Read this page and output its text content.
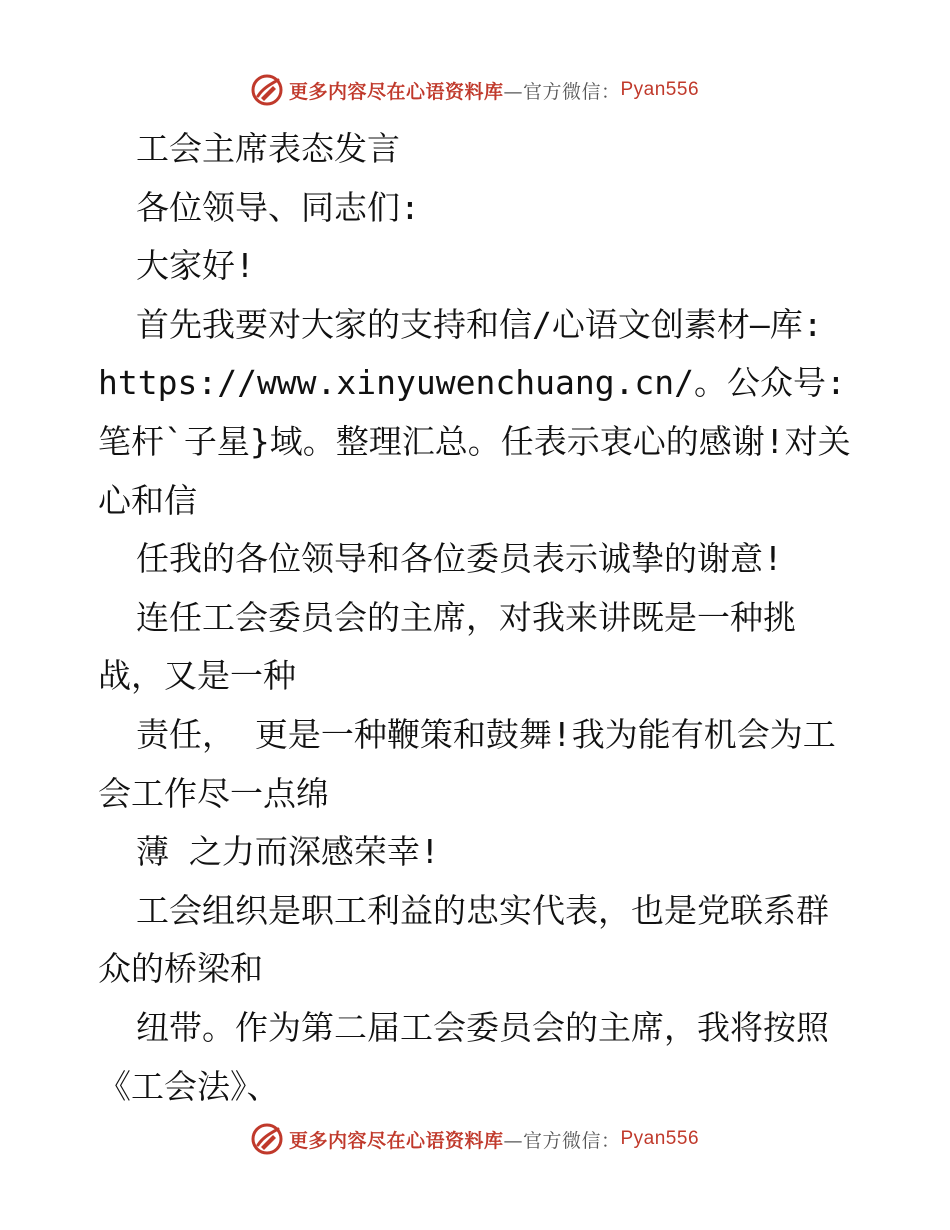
更多内容尽在心语资料库 —官方微信： Pyan556

工会主席表态发言

各位领导、同志们:

大家好!

首先我要对大家的支持和信/心语文创素材—库: https://www.xinyuwenchuang.cn/。公众号: 笔杆`子星}域。整理汇总。任表示衷心的感谢!对关心和信

任我的各位领导和各位委员表示诚挚的谢意!

连任工会委员会的主席，对我来讲既是一种挑战，又是一种

责任， 更是一种鞭策和鼓舞!我为能有机会为工会工作尽一点绵

薄 之力而深感荣幸!

工会组织是职工利益的忠实代表，也是党联系群众的桥梁和

纽带。作为第二届工会委员会的主席，我将按照《工会法》、

更多内容尽在心语资料库 —官方微信： Pyan556
